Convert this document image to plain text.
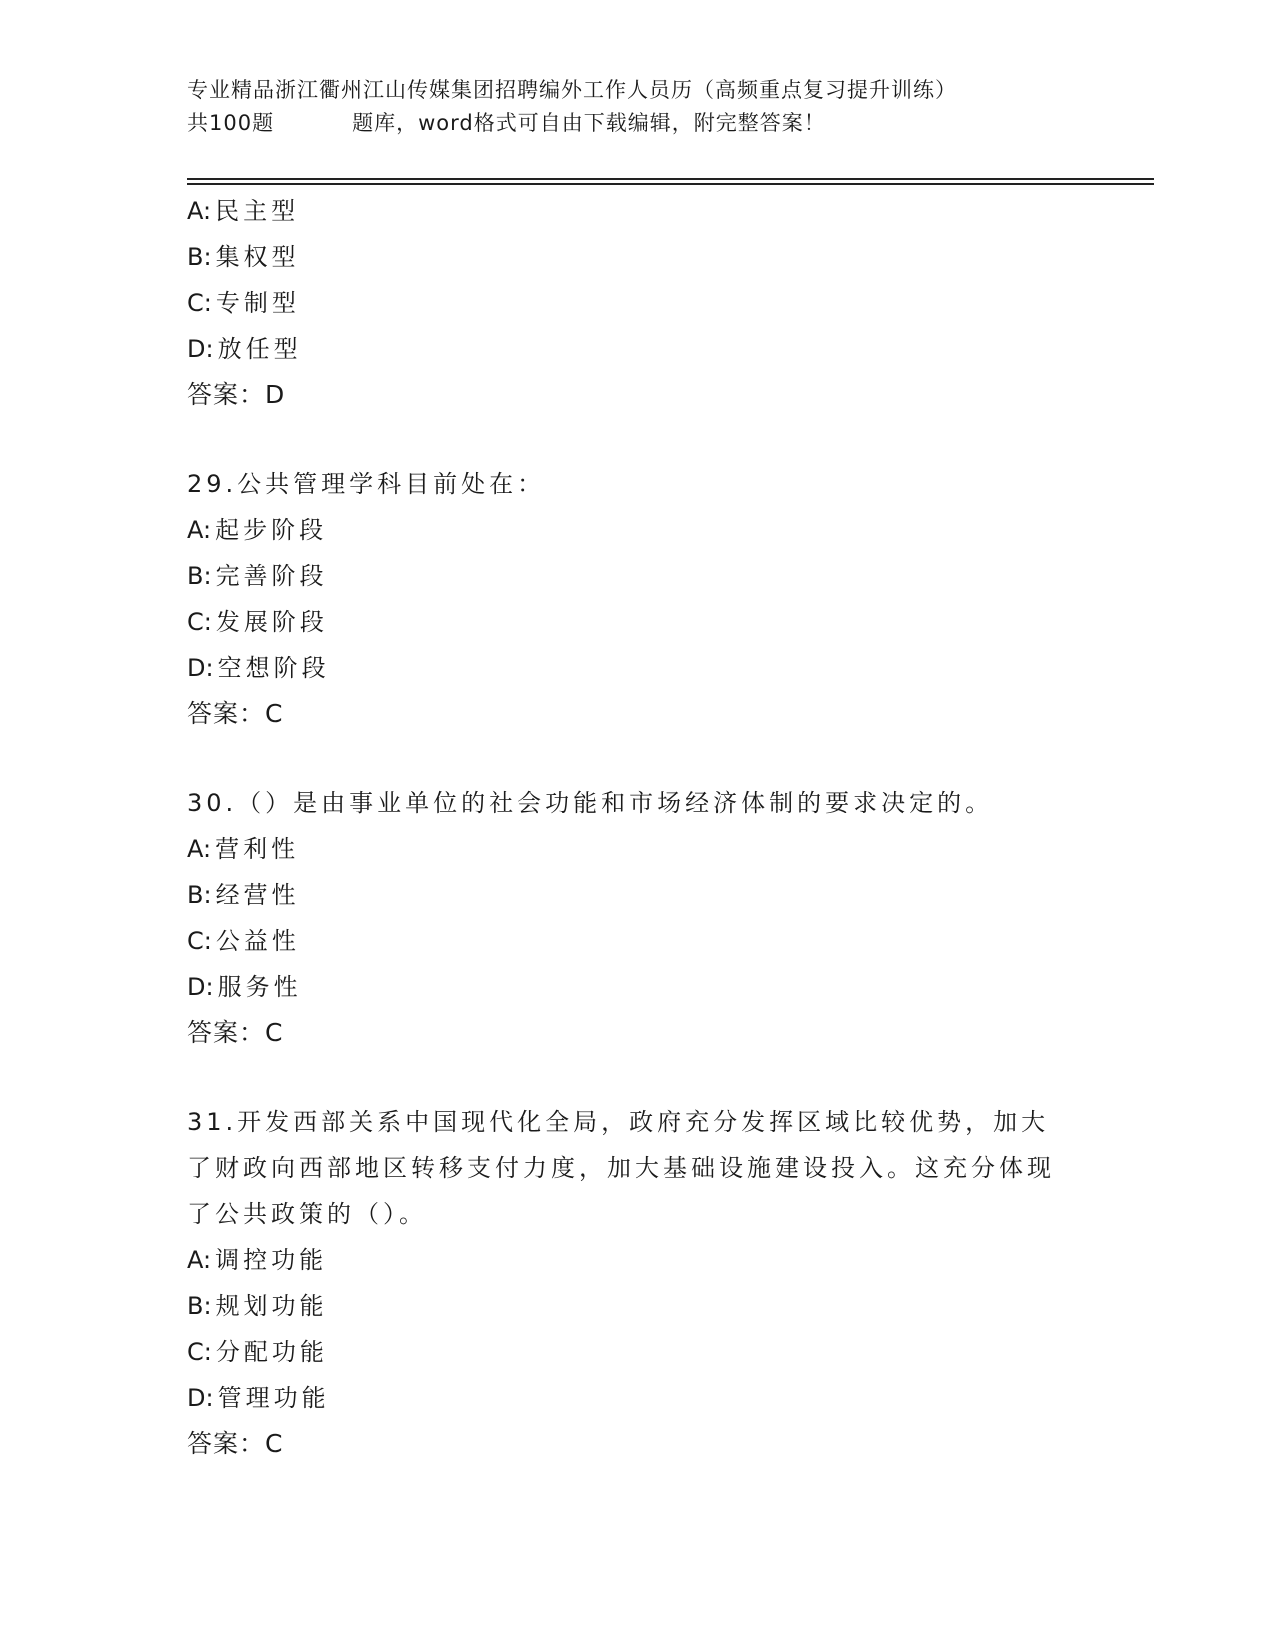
专业精品浙江衢州江山传媒集团招聘编外工作人员历（高频重点复习提升训练）
共100题	题库，word格式可自由下载编辑，附完整答案！
A: 民主型
B: 集权型
C: 专制型
D: 放任型
答案：D
29.公共管理学科目前处在：
A: 起步阶段
B: 完善阶段
C: 发展阶段
D: 空想阶段
答案：C
30.（）是由事业单位的社会功能和市场经济体制的要求决定的。
A: 营利性
B: 经营性
C: 公益性
D: 服务性
答案：C
31.开发西部关系中国现代化全局，政府充分发挥区域比较优势，加大了财政向西部地区转移支付力度，加大基础设施建设投入。这充分体现了公共政策的（）。
A: 调控功能
B: 规划功能
C: 分配功能
D: 管理功能
答案：C
